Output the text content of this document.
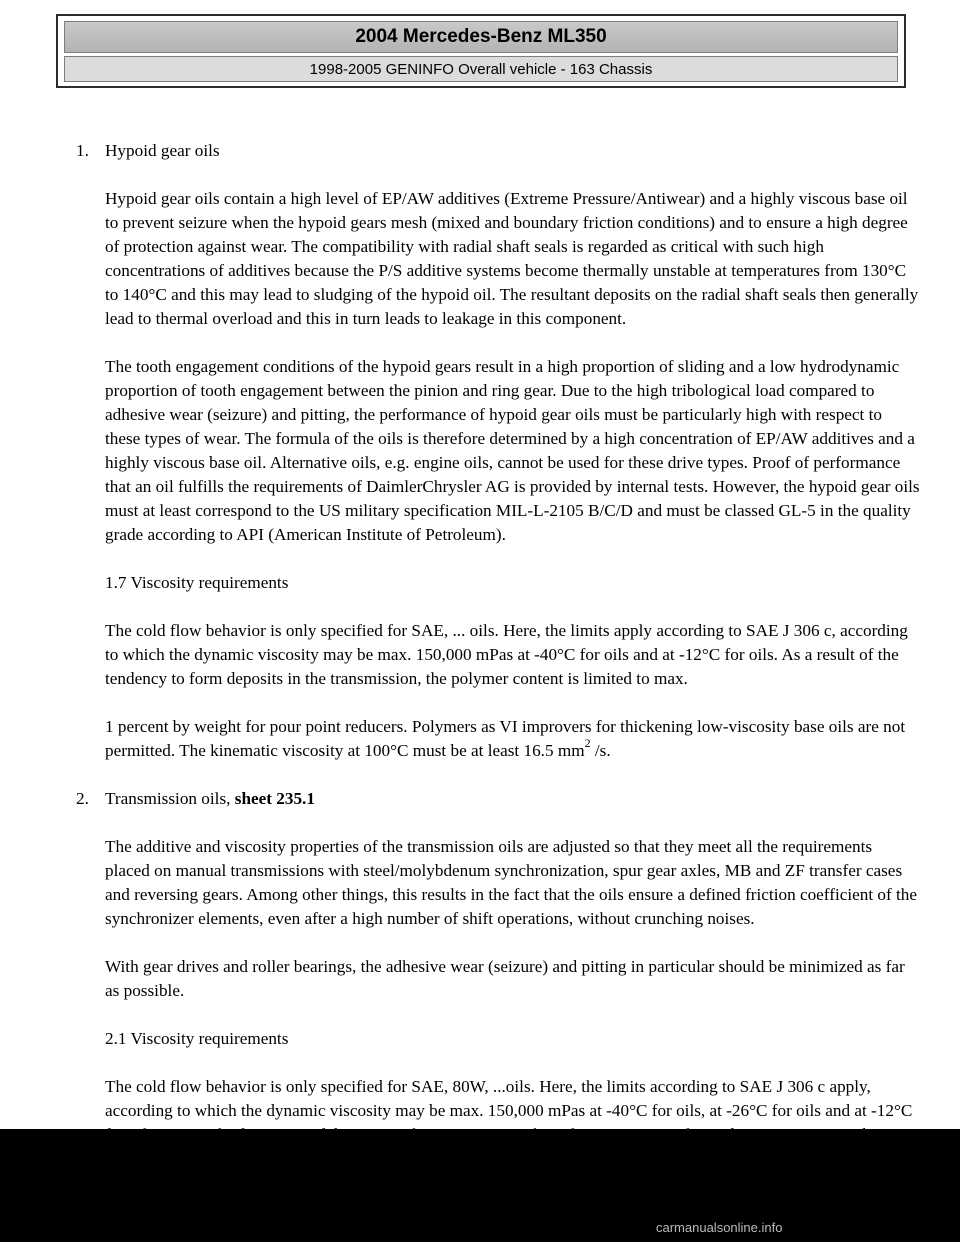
2004 Mercedes-Benz ML350
1998-2005 GENINFO Overall vehicle - 163 Chassis
1. Hypoid gear oils

Hypoid gear oils contain a high level of EP/AW additives (Extreme Pressure/Antiwear) and a highly viscous base oil to prevent seizure when the hypoid gears mesh (mixed and boundary friction conditions) and to ensure a high degree of protection against wear. The compatibility with radial shaft seals is regarded as critical with such high concentrations of additives because the P/S additive systems become thermally unstable at temperatures from 130°C to 140°C and this may lead to sludging of the hypoid oil. The resultant deposits on the radial shaft seals then generally lead to thermal overload and this in turn leads to leakage in this component.

The tooth engagement conditions of the hypoid gears result in a high proportion of sliding and a low hydrodynamic proportion of tooth engagement between the pinion and ring gear. Due to the high tribological load compared to adhesive wear (seizure) and pitting, the performance of hypoid gear oils must be particularly high with respect to these types of wear. The formula of the oils is therefore determined by a high concentration of EP/AW additives and a highly viscous base oil. Alternative oils, e.g. engine oils, cannot be used for these drive types. Proof of performance that an oil fulfills the requirements of DaimlerChrysler AG is provided by internal tests. However, the hypoid gear oils must at least correspond to the US military specification MIL-L-2105 B/C/D and must be classed GL-5 in the quality grade according to API (American Institute of Petroleum).

1.7 Viscosity requirements

The cold flow behavior is only specified for SAE, ... oils. Here, the limits apply according to SAE J 306 c, according to which the dynamic viscosity may be max. 150,000 mPas at -40°C for oils and at -12°C for oils. As a result of the tendency to form deposits in the transmission, the polymer content is limited to max.

1 percent by weight for pour point reducers. Polymers as VI improvers for thickening low-viscosity base oils are not permitted. The kinematic viscosity at 100°C must be at least 16.5 $mm^2$ /s.

2. Transmission oils, sheet 235.1

The additive and viscosity properties of the transmission oils are adjusted so that they meet all the requirements placed on manual transmissions with steel/molybdenum synchronization, spur gear axles, MB and ZF transfer cases and reversing gears. Among other things, this results in the fact that the oils ensure a defined friction coefficient of the synchronizer elements, even after a high number of shift operations, without crunching noises.

With gear drives and roller bearings, the adhesive wear (seizure) and pitting in particular should be minimized as far as possible.

2.1 Viscosity requirements

The cold flow behavior is only specified for SAE, 80W, ...oils. Here, the limits according to SAE J 306 c apply, according to which the dynamic viscosity may be max. 150,000 mPas at -40°C for oils, at -26°C for oils and at -12°C

carmanualsonline.info
